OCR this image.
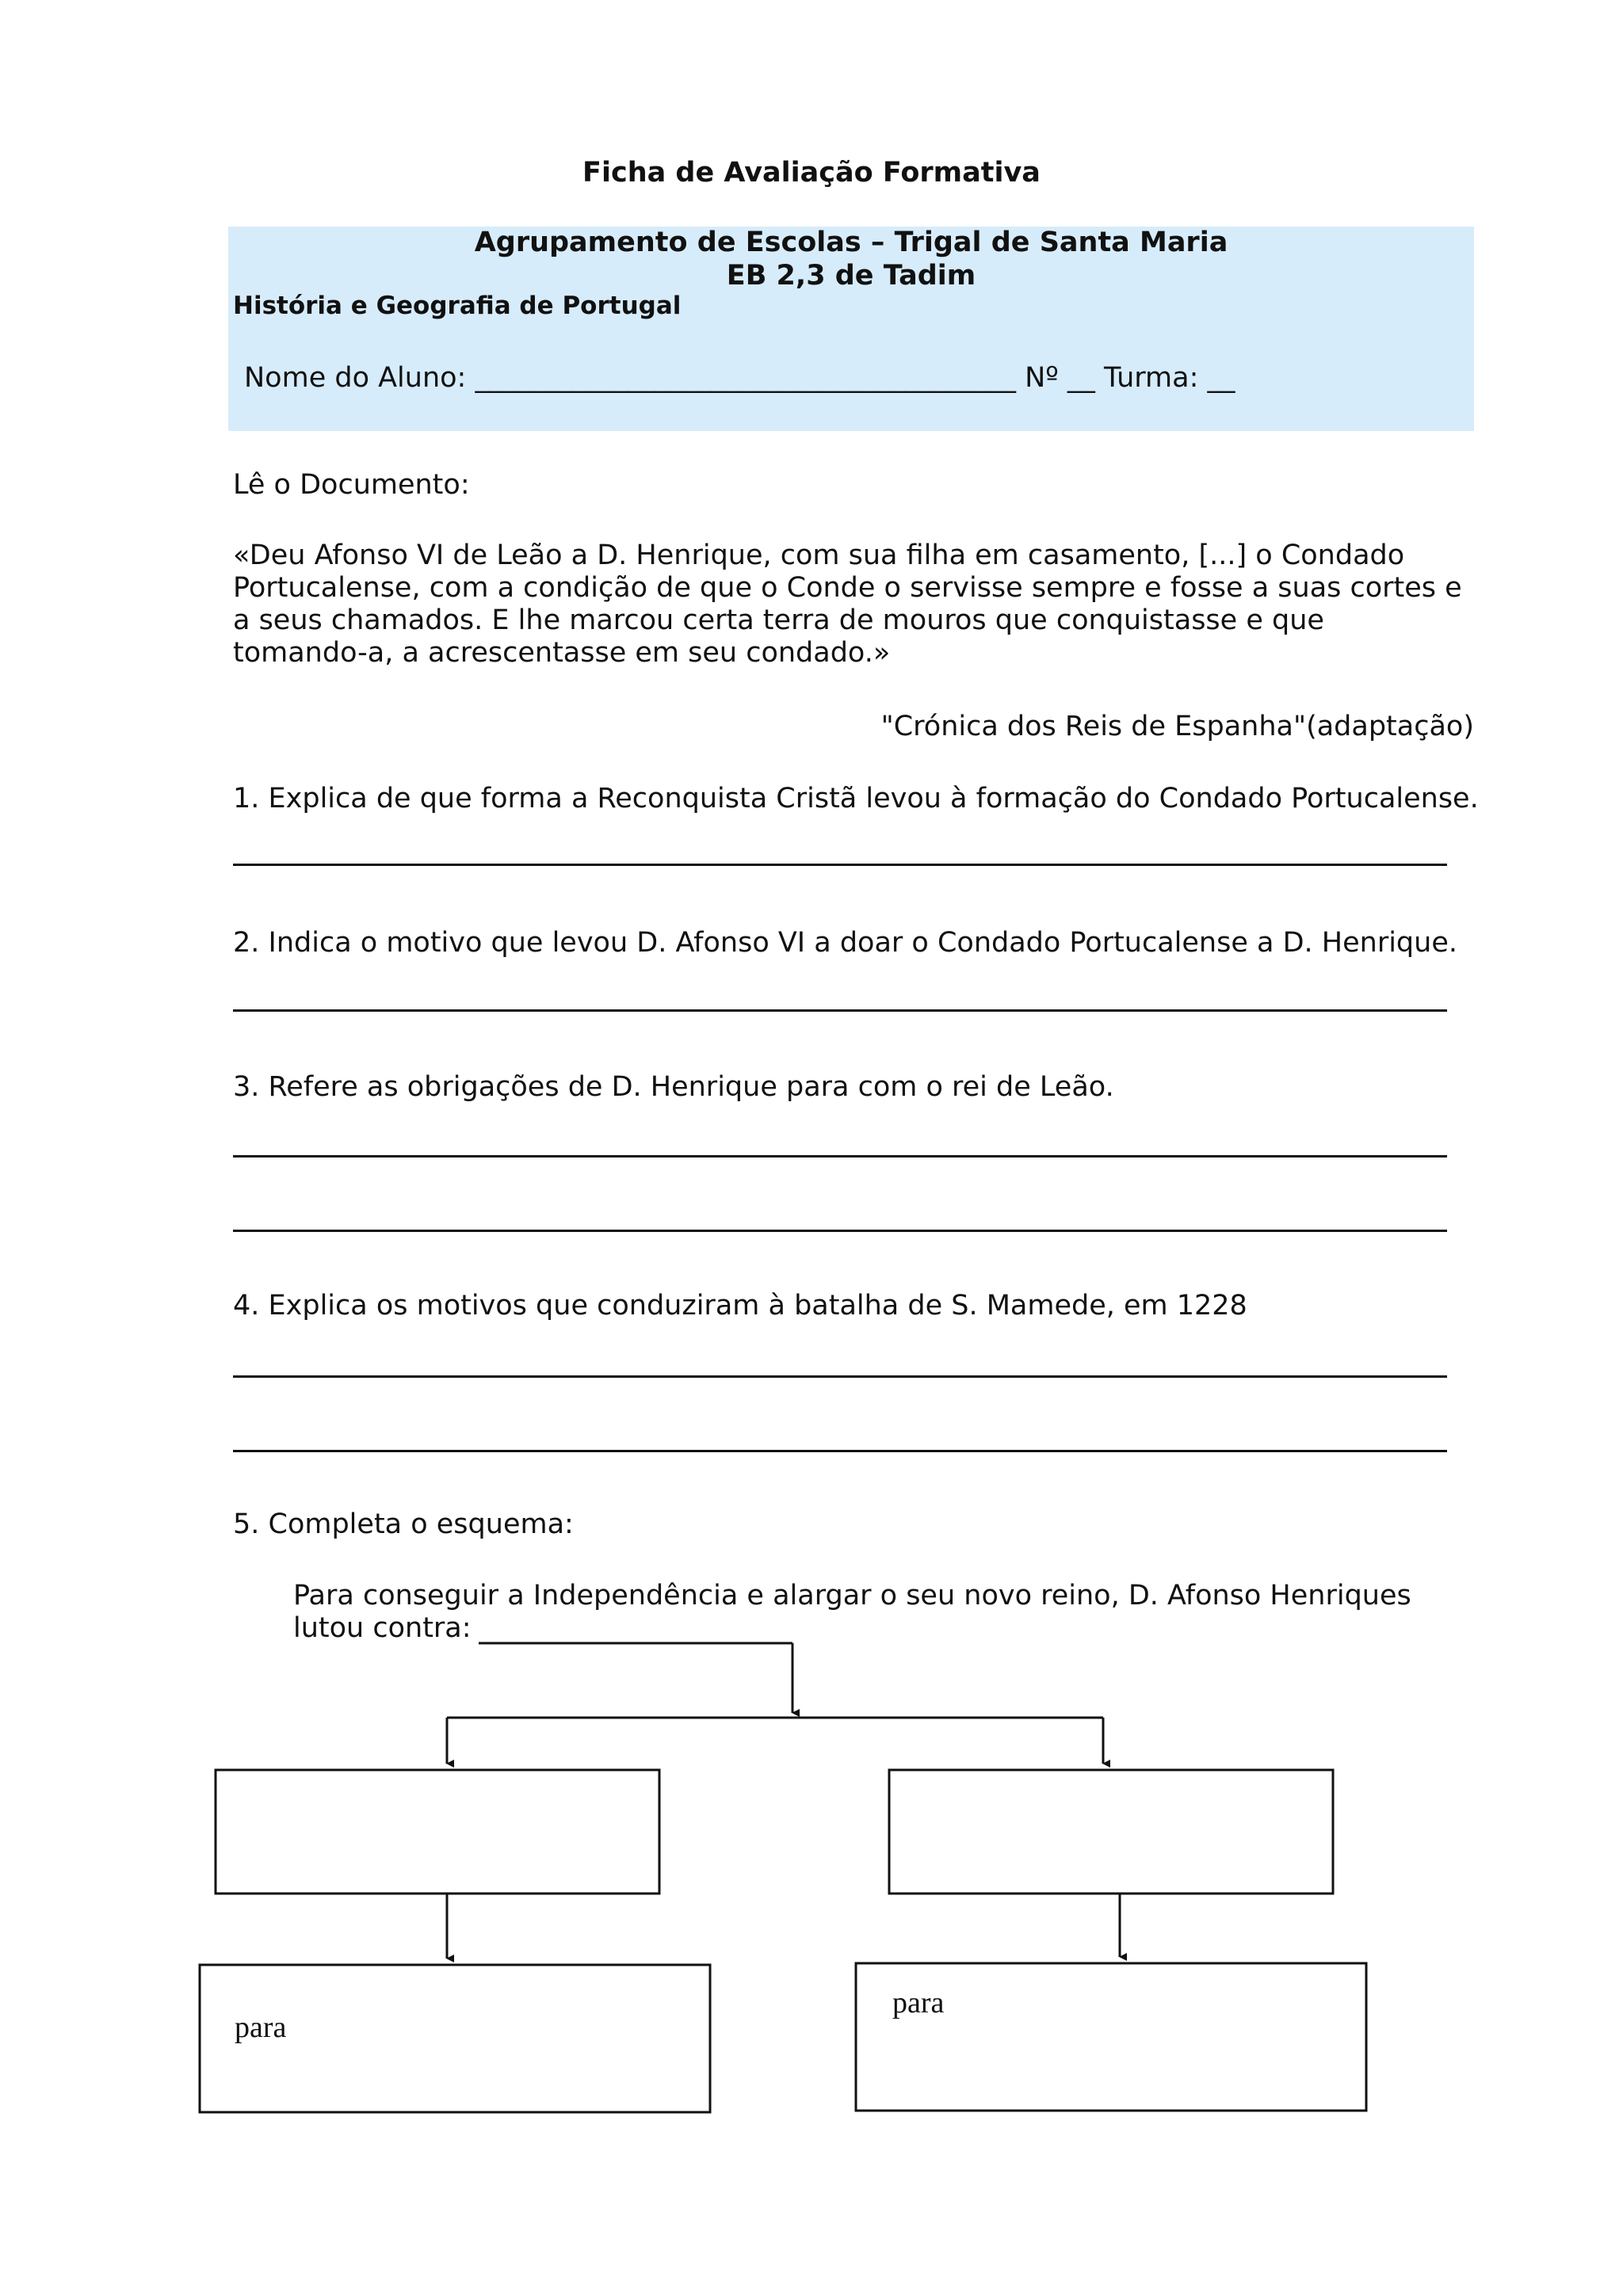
Ficha de Avaliação Formativa
Agrupamento de Escolas – Trigal de Santa Maria
EB 2,3 de Tadim
História e Geografia de Portugal
Nome do Aluno: _______________________________________ Nº __ Turma: __
Lê o Documento:
«Deu Afonso VI de Leão a D. Henrique, com sua filha em casamento, [...] o Condado
Portucalense, com a condição de que o Conde o servisse sempre e fosse a suas cortes e
a seus chamados. E lhe marcou certa terra de mouros que conquistasse e que
tomando-a, a acrescentasse em seu condado.»
"Crónica dos Reis de Espanha"(adaptação)
1. Explica de que forma a Reconquista Cristã levou à formação do Condado Portucalense.
2. Indica o motivo que levou D. Afonso VI a doar o Condado Portucalense a D. Henrique.
3. Refere as obrigações de D. Henrique para com o rei de Leão.
4. Explica os motivos que conduziram à batalha de S. Mamede, em 1228
5. Completa o esquema:
Para conseguir a Independência e alargar o seu novo reino, D. Afonso Henriques
lutou contra:
para
para
